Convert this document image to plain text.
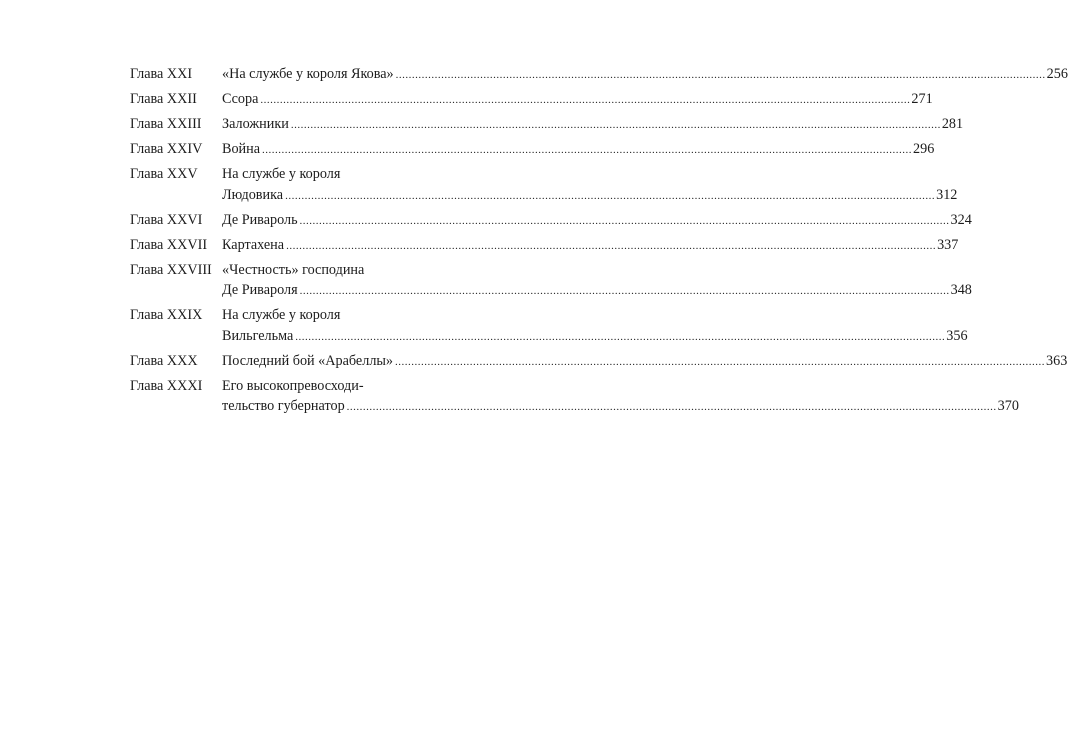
Глава XXI	«На службе у короля Якова» ........................................................................................................................................................................................................ 256
Глава XXII	Ссора ........................................................................................................................................................................................................ 271
Глава XXIII	Заложники ........................................................................................................................................................................................................ 281
Глава XXIV	Война ........................................................................................................................................................................................................ 296
Глава XXV	На службе у короля
Людовика ........................................................................................................................................................................................................ 312
Глава XXVI	Де Ривароль ........................................................................................................................................................................................................ 324
Глава XXVII	Картахена ........................................................................................................................................................................................................ 337
Глава XXVIII «Честность» господина
Де Ривароля ........................................................................................................................................................................................................ 348
Глава XXIX	На службе у короля
Вильгельма ........................................................................................................................................................................................................ 356
Глава XXX	Последний бой «Арабеллы» ........................................................................................................................................................................................................ 363
Глава XXXI	Его высокопревосходи-
тельство губернатор ........................................................................................................................................................................................................ 370
